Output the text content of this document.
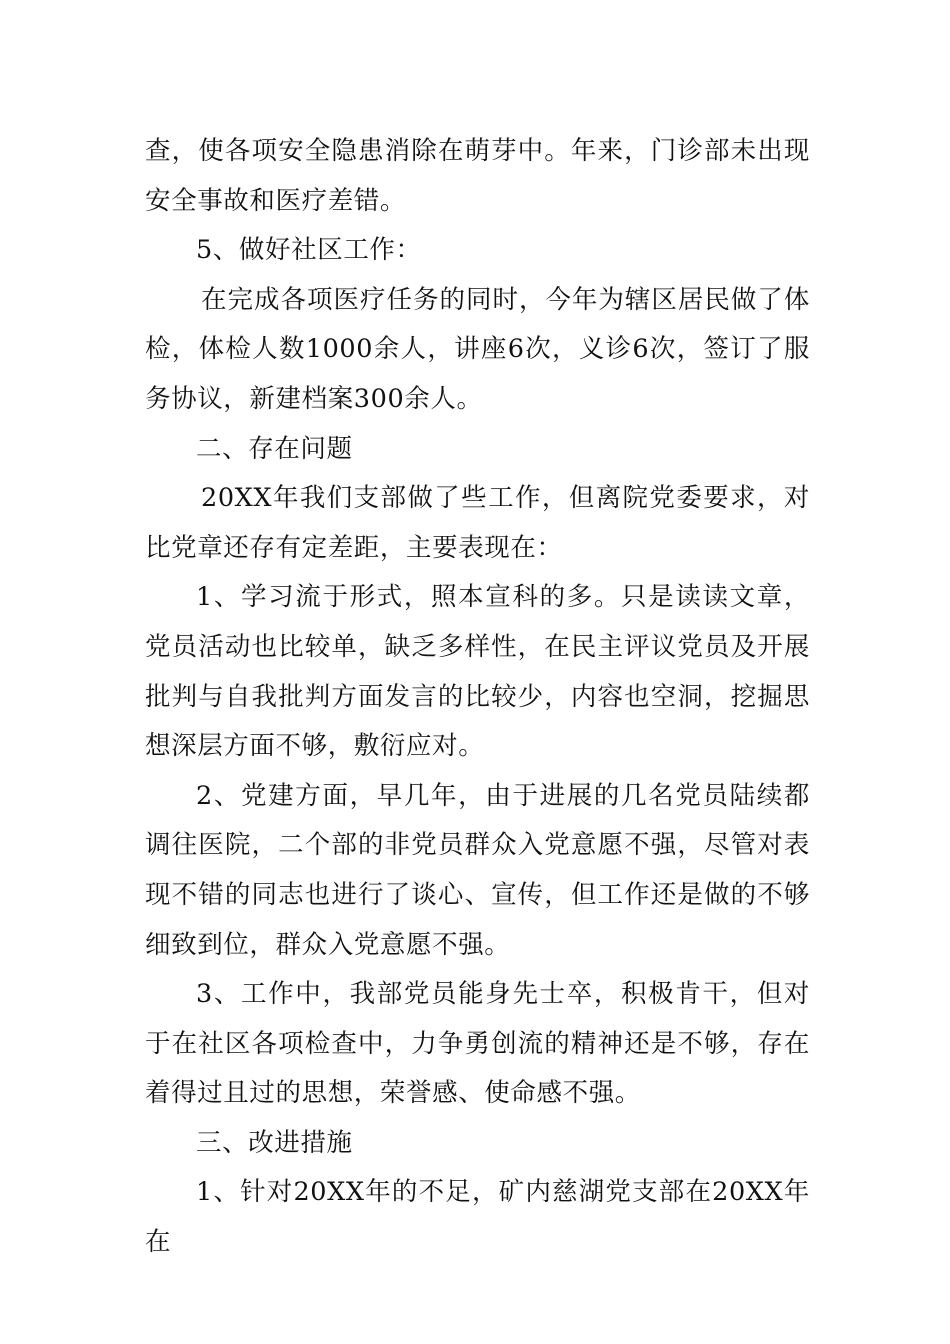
查，使各项安全隐患消除在萌芽中。年来，门诊部未出现安全事故和医疗差错。

5、做好社区工作：

在完成各项医疗任务的同时，今年为辖区居民做了体检，体检人数1000余人，讲座6次，义诊6次，签订了服务协议，新建档案300余人。

二、存在问题

20XX年我们支部做了些工作，但离院党委要求，对比党章还存有定差距，主要表现在：

1、学习流于形式，照本宣科的多。只是读读文章，党员活动也比较单，缺乏多样性，在民主评议党员及开展批判与自我批判方面发言的比较少，内容也空洞，挖掘思想深层方面不够，敷衍应对。

2、党建方面，早几年，由于进展的几名党员陆续都调往医院，二个部的非党员群众入党意愿不强，尽管对表现不错的同志也进行了谈心、宣传，但工作还是做的不够细致到位，群众入党意愿不强。

3、工作中，我部党员能身先士卒，积极肯干，但对于在社区各项检查中，力争勇创流的精神还是不够，存在着得过且过的思想，荣誉感、使命感不强。

三、改进措施

1、针对20XX年的不足，矿内慈湖党支部在20XX年在
